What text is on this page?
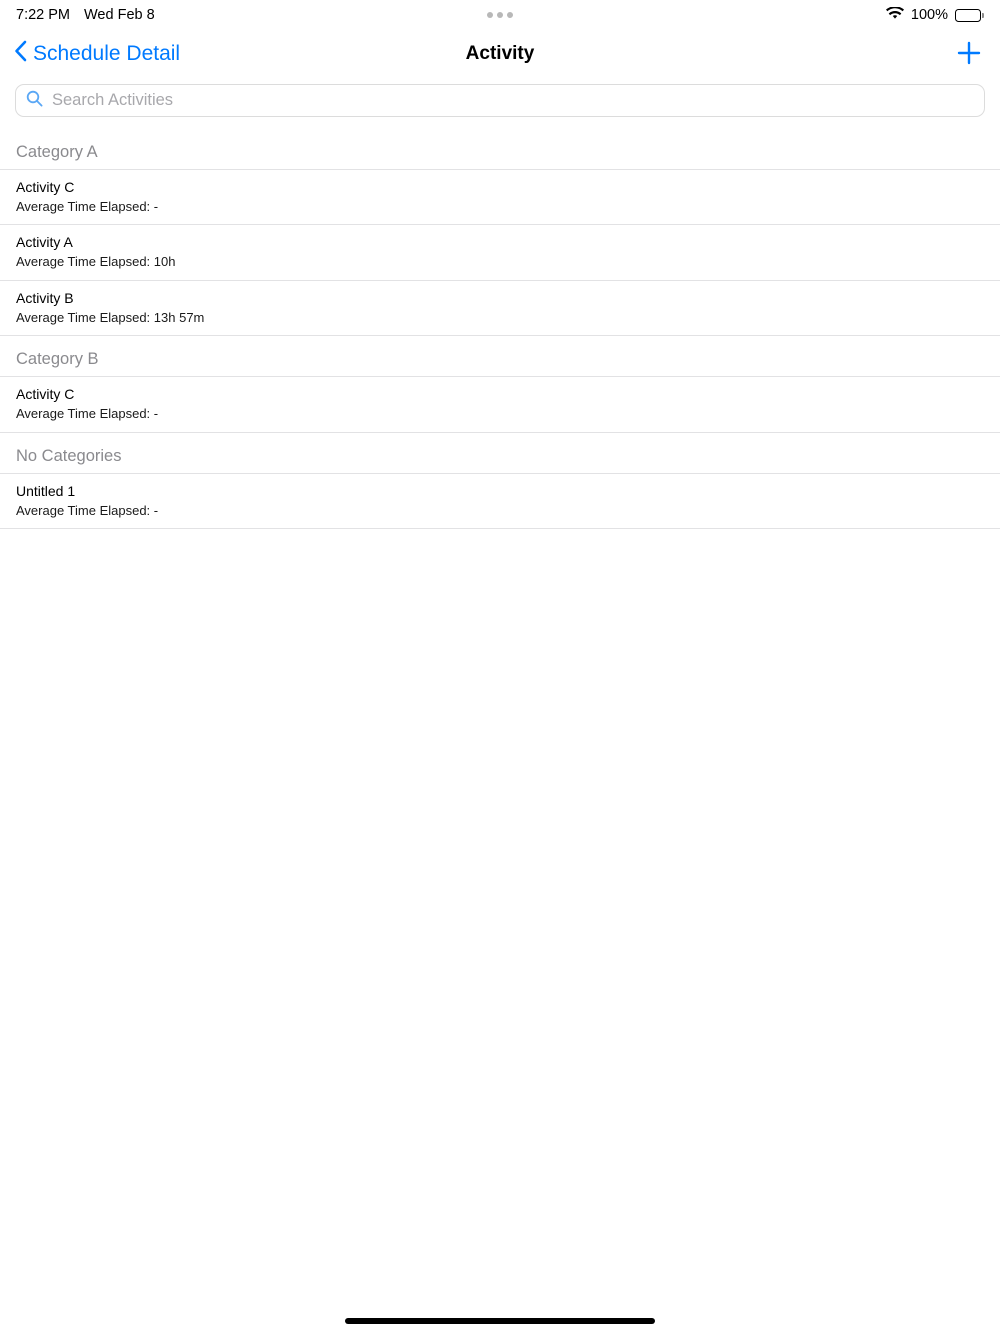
7:22 PM Wed Feb 8	100%
Schedule Detail	Activity
Search Activities
Category A
Activity C
Average Time Elapsed: -
Activity A
Average Time Elapsed: 10h
Activity B
Average Time Elapsed: 13h 57m
Category B
Activity C
Average Time Elapsed: -
No Categories
Untitled 1
Average Time Elapsed: -
